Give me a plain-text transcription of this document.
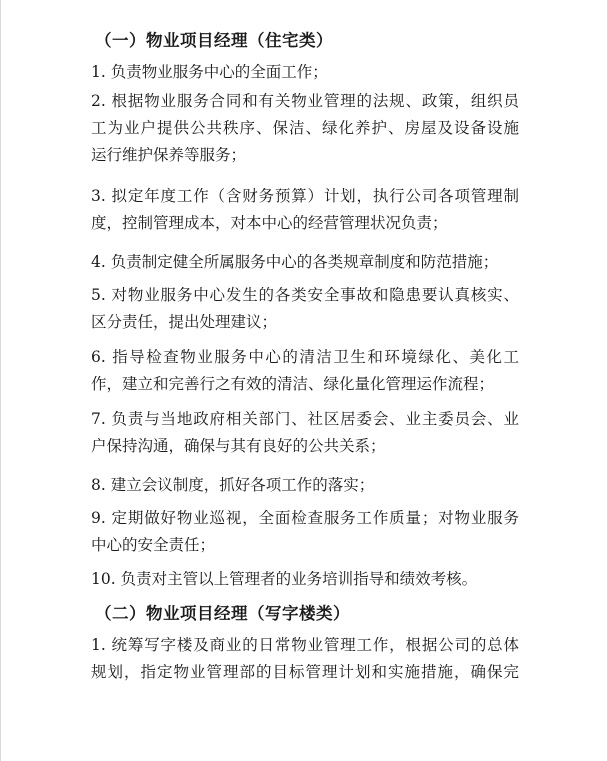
（一）物业项目经理（住宅类）

1. 负责物业服务中心的全面工作；

2. 根据物业服务合同和有关物业管理的法规、政策，组织员
工为业户提供公共秩序、保洁、绿化养护、房屋及设备设施
运行维护保养等服务；

3. 拟定年度工作（含财务预算）计划，执行公司各项管理制
度，控制管理成本，对本中心的经营管理状况负责；

4. 负责制定健全所属服务中心的各类规章制度和防范措施；

5. 对物业服务中心发生的各类安全事故和隐患要认真核实、
区分责任，提出处理建议；

6. 指导检查物业服务中心的清洁卫生和环境绿化、美化工
作，建立和完善行之有效的清洁、绿化量化管理运作流程；

7. 负责与当地政府相关部门、社区居委会、业主委员会、业
户保持沟通，确保与其有良好的公共关系；

8. 建立会议制度，抓好各项工作的落实；

9. 定期做好物业巡视，全面检查服务工作质量；对物业服务
中心的安全责任；

10. 负责对主管以上管理者的业务培训指导和绩效考核。

（二）物业项目经理（写字楼类）

1. 统筹写字楼及商业的日常物业管理工作，根据公司的总体
规划，指定物业管理部的目标管理计划和实施措施，确保完
